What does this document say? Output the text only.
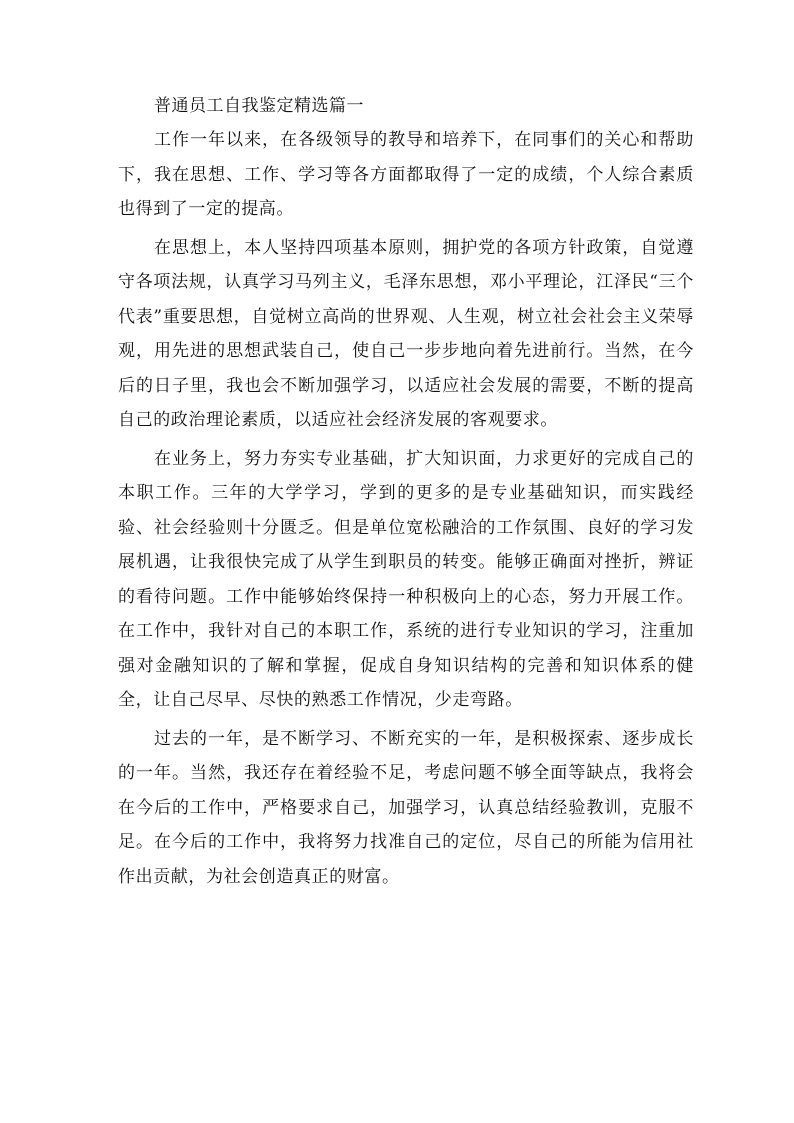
普通员工自我鉴定精选篇一

工作一年以来，在各级领导的教导和培养下，在同事们的关心和帮助下，我在思想、工作、学习等各方面都取得了一定的成绩，个人综合素质也得到了一定的提高。

在思想上，本人坚持四项基本原则，拥护党的各项方针政策，自觉遵守各项法规，认真学习马列主义，毛泽东思想，邓小平理论，江泽民“三个代表”重要思想，自觉树立高尚的世界观、人生观，树立社会社会主义荣辱观，用先进的思想武装自己，使自己一步步地向着先进前行。当然，在今后的日子里，我也会不断加强学习，以适应社会发展的需要，不断的提高自己的政治理论素质，以适应社会经济发展的客观要求。

在业务上，努力夯实专业基础，扩大知识面，力求更好的完成自己的本职工作。三年的大学学习，学到的更多的是专业基础知识，而实践经验、社会经验则十分匮乏。但是单位宽松融洽的工作氛围、良好的学习发展机遇，让我很快完成了从学生到职员的转变。能够正确面对挫折，辨证的看待问题。工作中能够始终保持一种积极向上的心态，努力开展工作。在工作中，我针对自己的本职工作，系统的进行专业知识的学习，注重加强对金融知识的了解和掌握，促成自身知识结构的完善和知识体系的健全，让自己尽早、尽快的熟悉工作情况，少走弯路。

过去的一年，是不断学习、不断充实的一年，是积极探索、逐步成长的一年。当然，我还存在着经验不足，考虑问题不够全面等缺点，我将会在今后的工作中，严格要求自己，加强学习，认真总结经验教训，克服不足。在今后的工作中，我将努力找准自己的定位，尽自己的所能为信用社作出贡献，为社会创造真正的财富。
